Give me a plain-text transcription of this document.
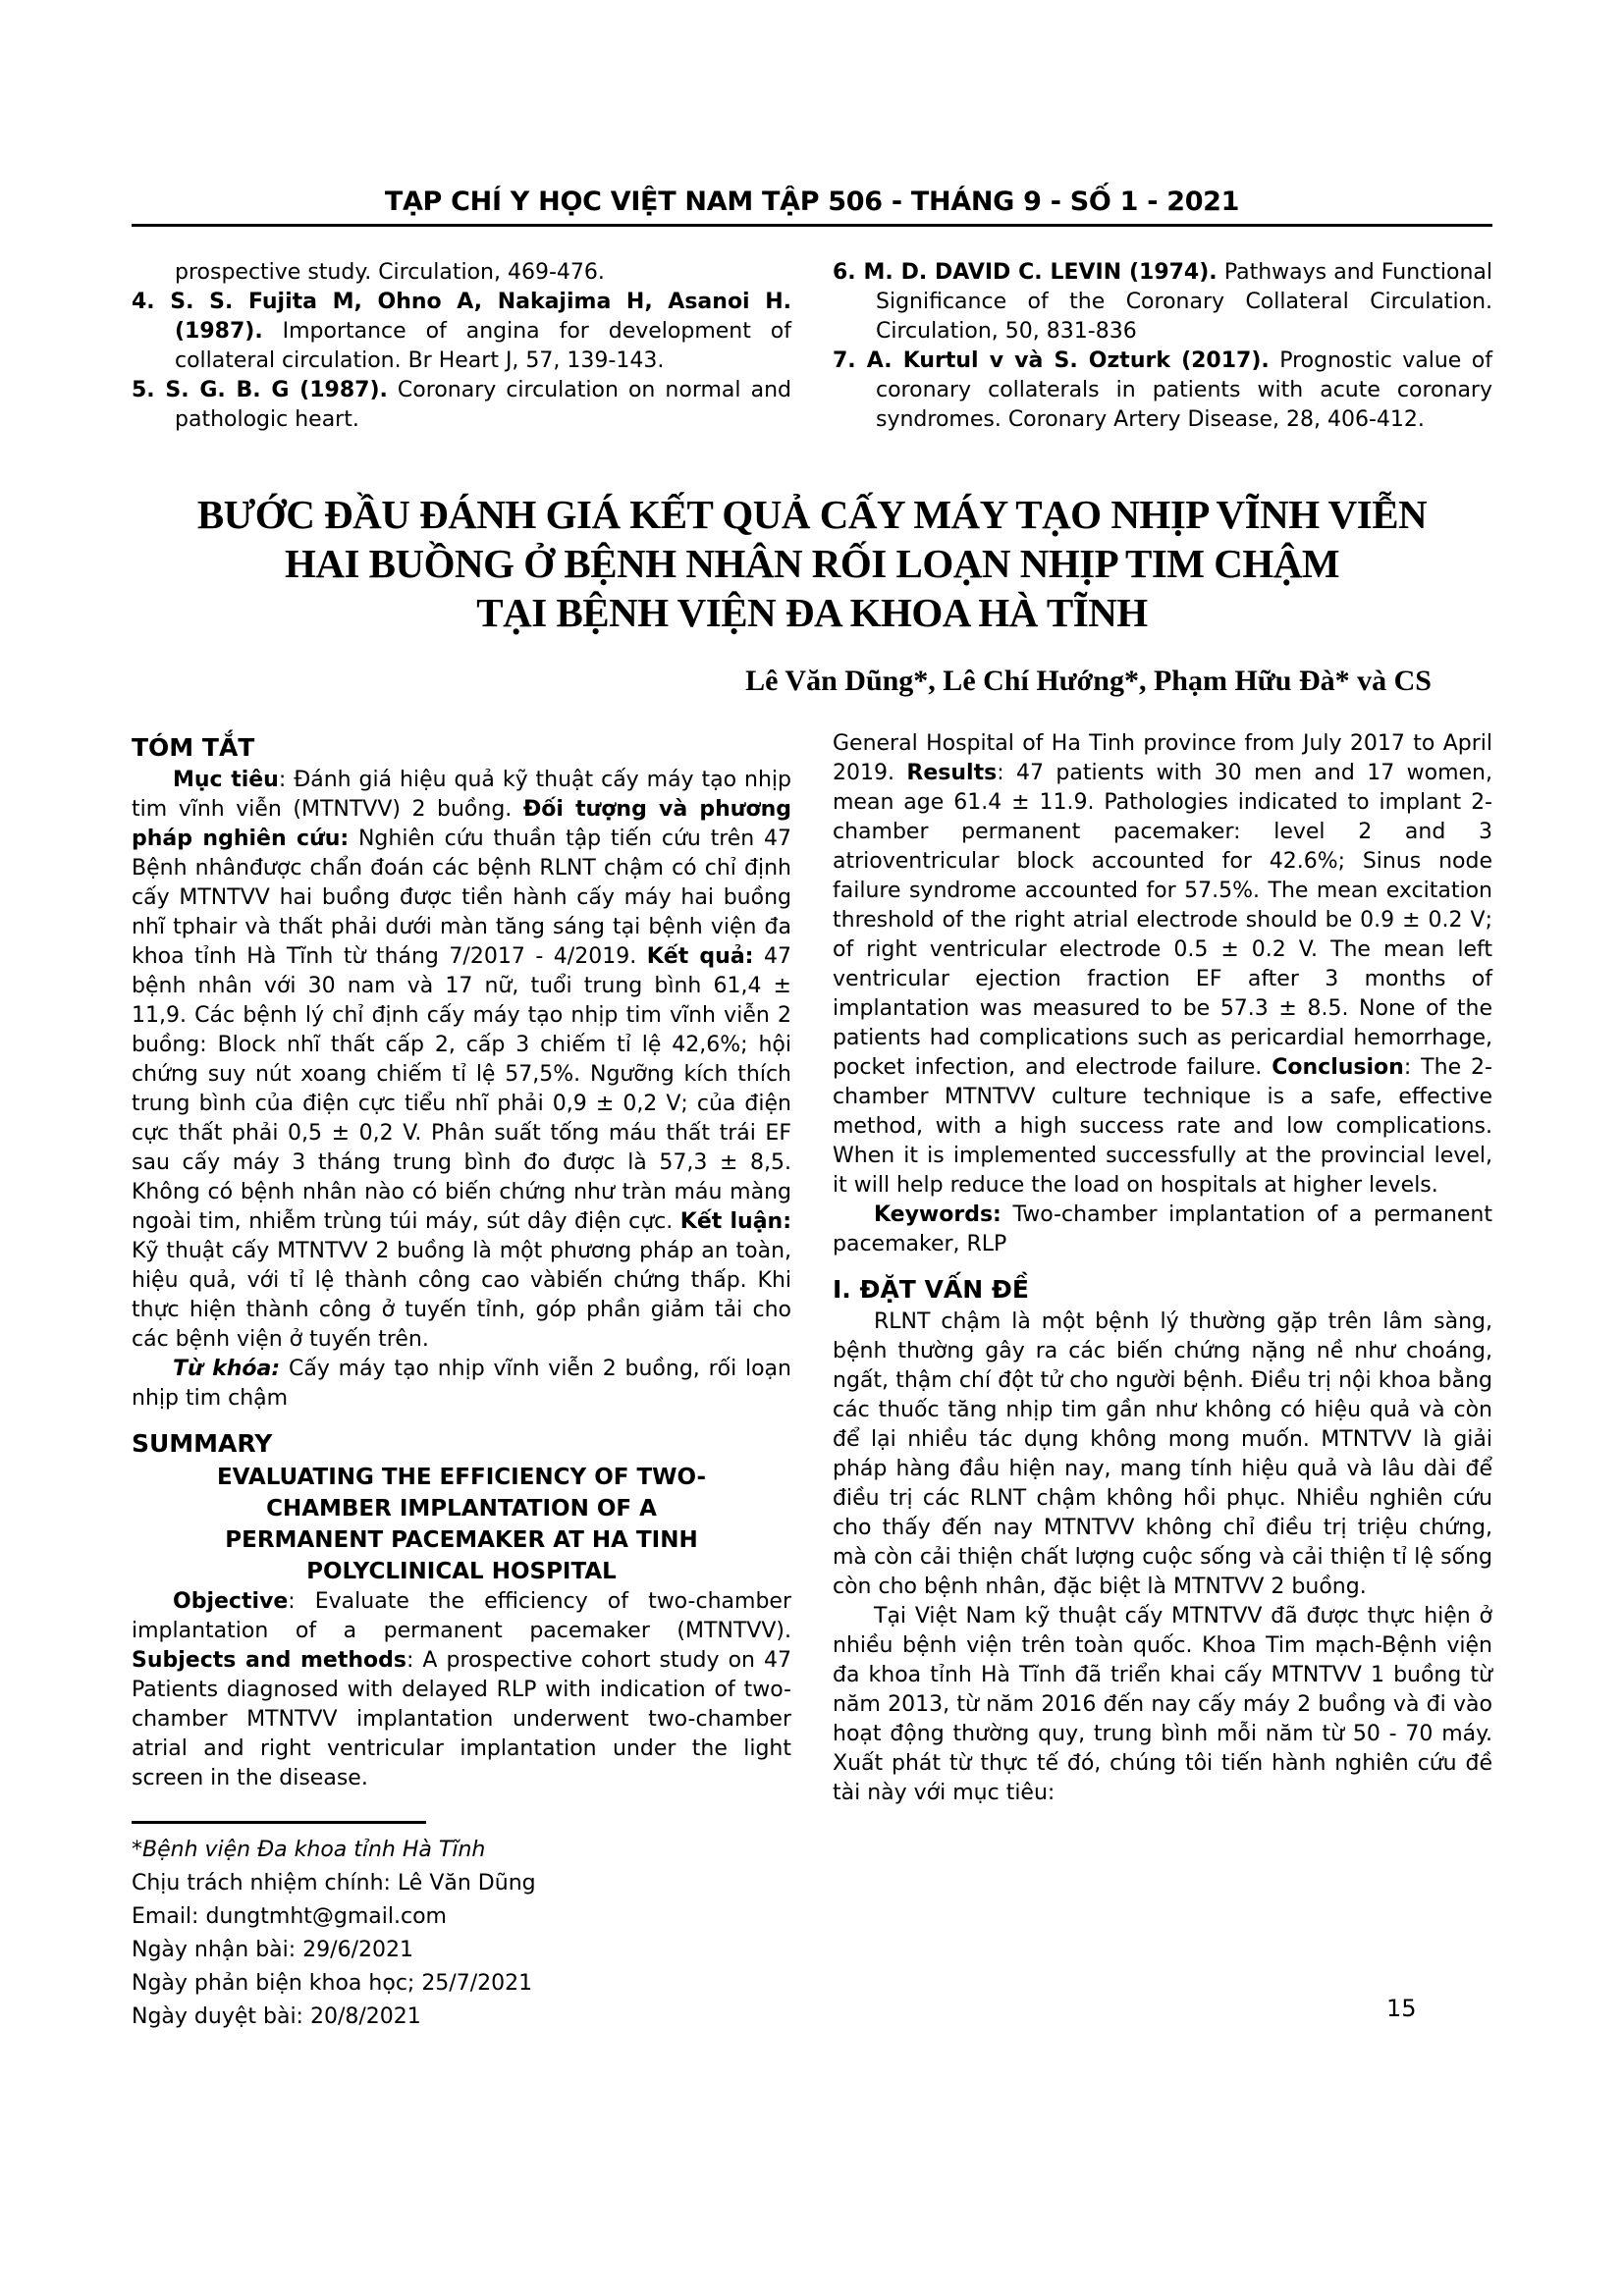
TẠP CHÍ Y HỌC VIỆT NAM TẬP 506 - THÁNG 9 - SỐ 1 - 2021
prospective study. Circulation, 469-476.
4. S. S. Fujita M, Ohno A, Nakajima H, Asanoi H. (1987). Importance of angina for development of collateral circulation. Br Heart J, 57, 139-143.
5. S. G. B. G (1987). Coronary circulation on normal and pathologic heart.
6. M. D. DAVID C. LEVIN (1974). Pathways and Functional Significance of the Coronary Collateral Circulation. Circulation, 50, 831-836
7. A. Kurtul v và S. Ozturk (2017). Prognostic value of coronary collaterals in patients with acute coronary syndromes. Coronary Artery Disease, 28, 406-412.
BƯỚC ĐẦU ĐÁNH GIÁ KẾT QUẢ CẤY MÁY TẠO NHỊP VĨNH VIỄN
HAI BUỒNG Ở BỆNH NHÂN RỐI LOẠN NHỊP TIM CHẬM
TẠI BỆNH VIỆN ĐA KHOA HÀ TĨNH
Lê Văn Dũng*, Lê Chí Hướng*, Phạm Hữu Đà* và CS
TÓM TẮT

Mục tiêu: Đánh giá hiệu quả kỹ thuật cấy máy tạo nhịp tim vĩnh viễn (MTNTVV) 2 buồng. Đối tượng và phương pháp nghiên cứu: Nghiên cứu thuần tập tiến cứu trên 47 Bệnh nhânđược chẩn đoán các bệnh RLNT chậm có chỉ định cấy MTNTVV hai buồng được tiền hành cấy máy hai buồng nhĩ tphair và thất phải dưới màn tăng sáng tại bệnh viện đa khoa tỉnh Hà Tĩnh từ tháng 7/2017 - 4/2019. Kết quả: 47 bệnh nhân với 30 nam và 17 nữ, tuổi trung bình 61,4 ± 11,9. Các bệnh lý chỉ định cấy máy tạo nhịp tim vĩnh viễn 2 buồng: Block nhĩ thất cấp 2, cấp 3 chiếm tỉ lệ 42,6%; hội chứng suy nút xoang chiếm tỉ lệ 57,5%. Ngưỡng kích thích trung bình của điện cực tiểu nhĩ phải 0,9 ± 0,2 V; của điện cực thất phải 0,5 ± 0,2 V. Phân suất tống máu thất trái EF sau cấy máy 3 tháng trung bình đo được là 57,3 ± 8,5. Không có bệnh nhân nào có biến chứng như tràn máu màng ngoài tim, nhiễm trùng túi máy, sút dây điện cực. Kết luận: Kỹ thuật cấy MTNTVV 2 buồng là một phương pháp an toàn, hiệu quả, với tỉ lệ thành công cao vàbiến chứng thấp. Khi thực hiện thành công ở tuyến tỉnh, góp phần giảm tải cho các bệnh viện ở tuyến trên.

Từ khóa: Cấy máy tạo nhịp vĩnh viễn 2 buồng, rối loạn nhịp tim chậm

SUMMARY
EVALUATING THE EFFICIENCY OF TWO-
CHAMBER IMPLANTATION OF A
PERMANENT PACEMAKER AT HA TINH
POLYCLINICAL HOSPITAL

Objective: Evaluate the efficiency of two-chamber implantation of a permanent pacemaker (MTNTVV). Subjects and methods: A prospective cohort study on 47 Patients diagnosed with delayed RLP with indication of two-chamber MTNTVV implantation underwent two-chamber atrial and right ventricular implantation under the light screen in the disease.

*Bệnh viện Đa khoa tỉnh Hà Tĩnh
Chịu trách nhiệm chính: Lê Văn Dũng
Email: dungtmht@gmail.com
Ngày nhận bài: 29/6/2021
Ngày phản biện khoa học; 25/7/2021
Ngày duyệt bài: 20/8/2021

General Hospital of Ha Tinh province from July 2017 to April 2019. Results: 47 patients with 30 men and 17 women, mean age 61.4 ± 11.9. Pathologies indicated to implant 2-chamber permanent pacemaker: level 2 and 3 atrioventricular block accounted for 42.6%; Sinus node failure syndrome accounted for 57.5%. The mean excitation threshold of the right atrial electrode should be 0.9 ± 0.2 V; of right ventricular electrode 0.5 ± 0.2 V. The mean left ventricular ejection fraction EF after 3 months of implantation was measured to be 57.3 ± 8.5. None of the patients had complications such as pericardial hemorrhage, pocket infection, and electrode failure. Conclusion: The 2-chamber MTNTVV culture technique is a safe, effective method, with a high success rate and low complications. When it is implemented successfully at the provincial level, it will help reduce the load on hospitals at higher levels.

Keywords: Two-chamber implantation of a permanent pacemaker, RLP

I. ĐẶT VẤN ĐỀ

RLNT chậm là một bệnh lý thường gặp trên lâm sàng, bệnh thường gây ra các biến chứng nặng nề như choáng, ngất, thậm chí đột tử cho người bệnh. Điều trị nội khoa bằng các thuốc tăng nhịp tim gần như không có hiệu quả và còn để lại nhiều tác dụng không mong muốn. MTNTVV là giải pháp hàng đầu hiện nay, mang tính hiệu quả và lâu dài để điều trị các RLNT chậm không hồi phục. Nhiều nghiên cứu cho thấy đến nay MTNTVV không chỉ điều trị triệu chứng, mà còn cải thiện chất lượng cuộc sống và cải thiện tỉ lệ sống còn cho bệnh nhân, đặc biệt là MTNTVV 2 buồng.

Tại Việt Nam kỹ thuật cấy MTNTVV đã được thực hiện ở nhiều bệnh viện trên toàn quốc. Khoa Tim mạch-Bệnh viện đa khoa tỉnh Hà Tĩnh đã triển khai cấy MTNTVV 1 buồng từ năm 2013, từ năm 2016 đến nay cấy máy 2 buồng và đi vào hoạt động thường quy, trung bình mỗi năm từ 50 - 70 máy. Xuất phát từ thực tế đó, chúng tôi tiến hành nghiên cứu đề tài này với mục tiêu:

15
